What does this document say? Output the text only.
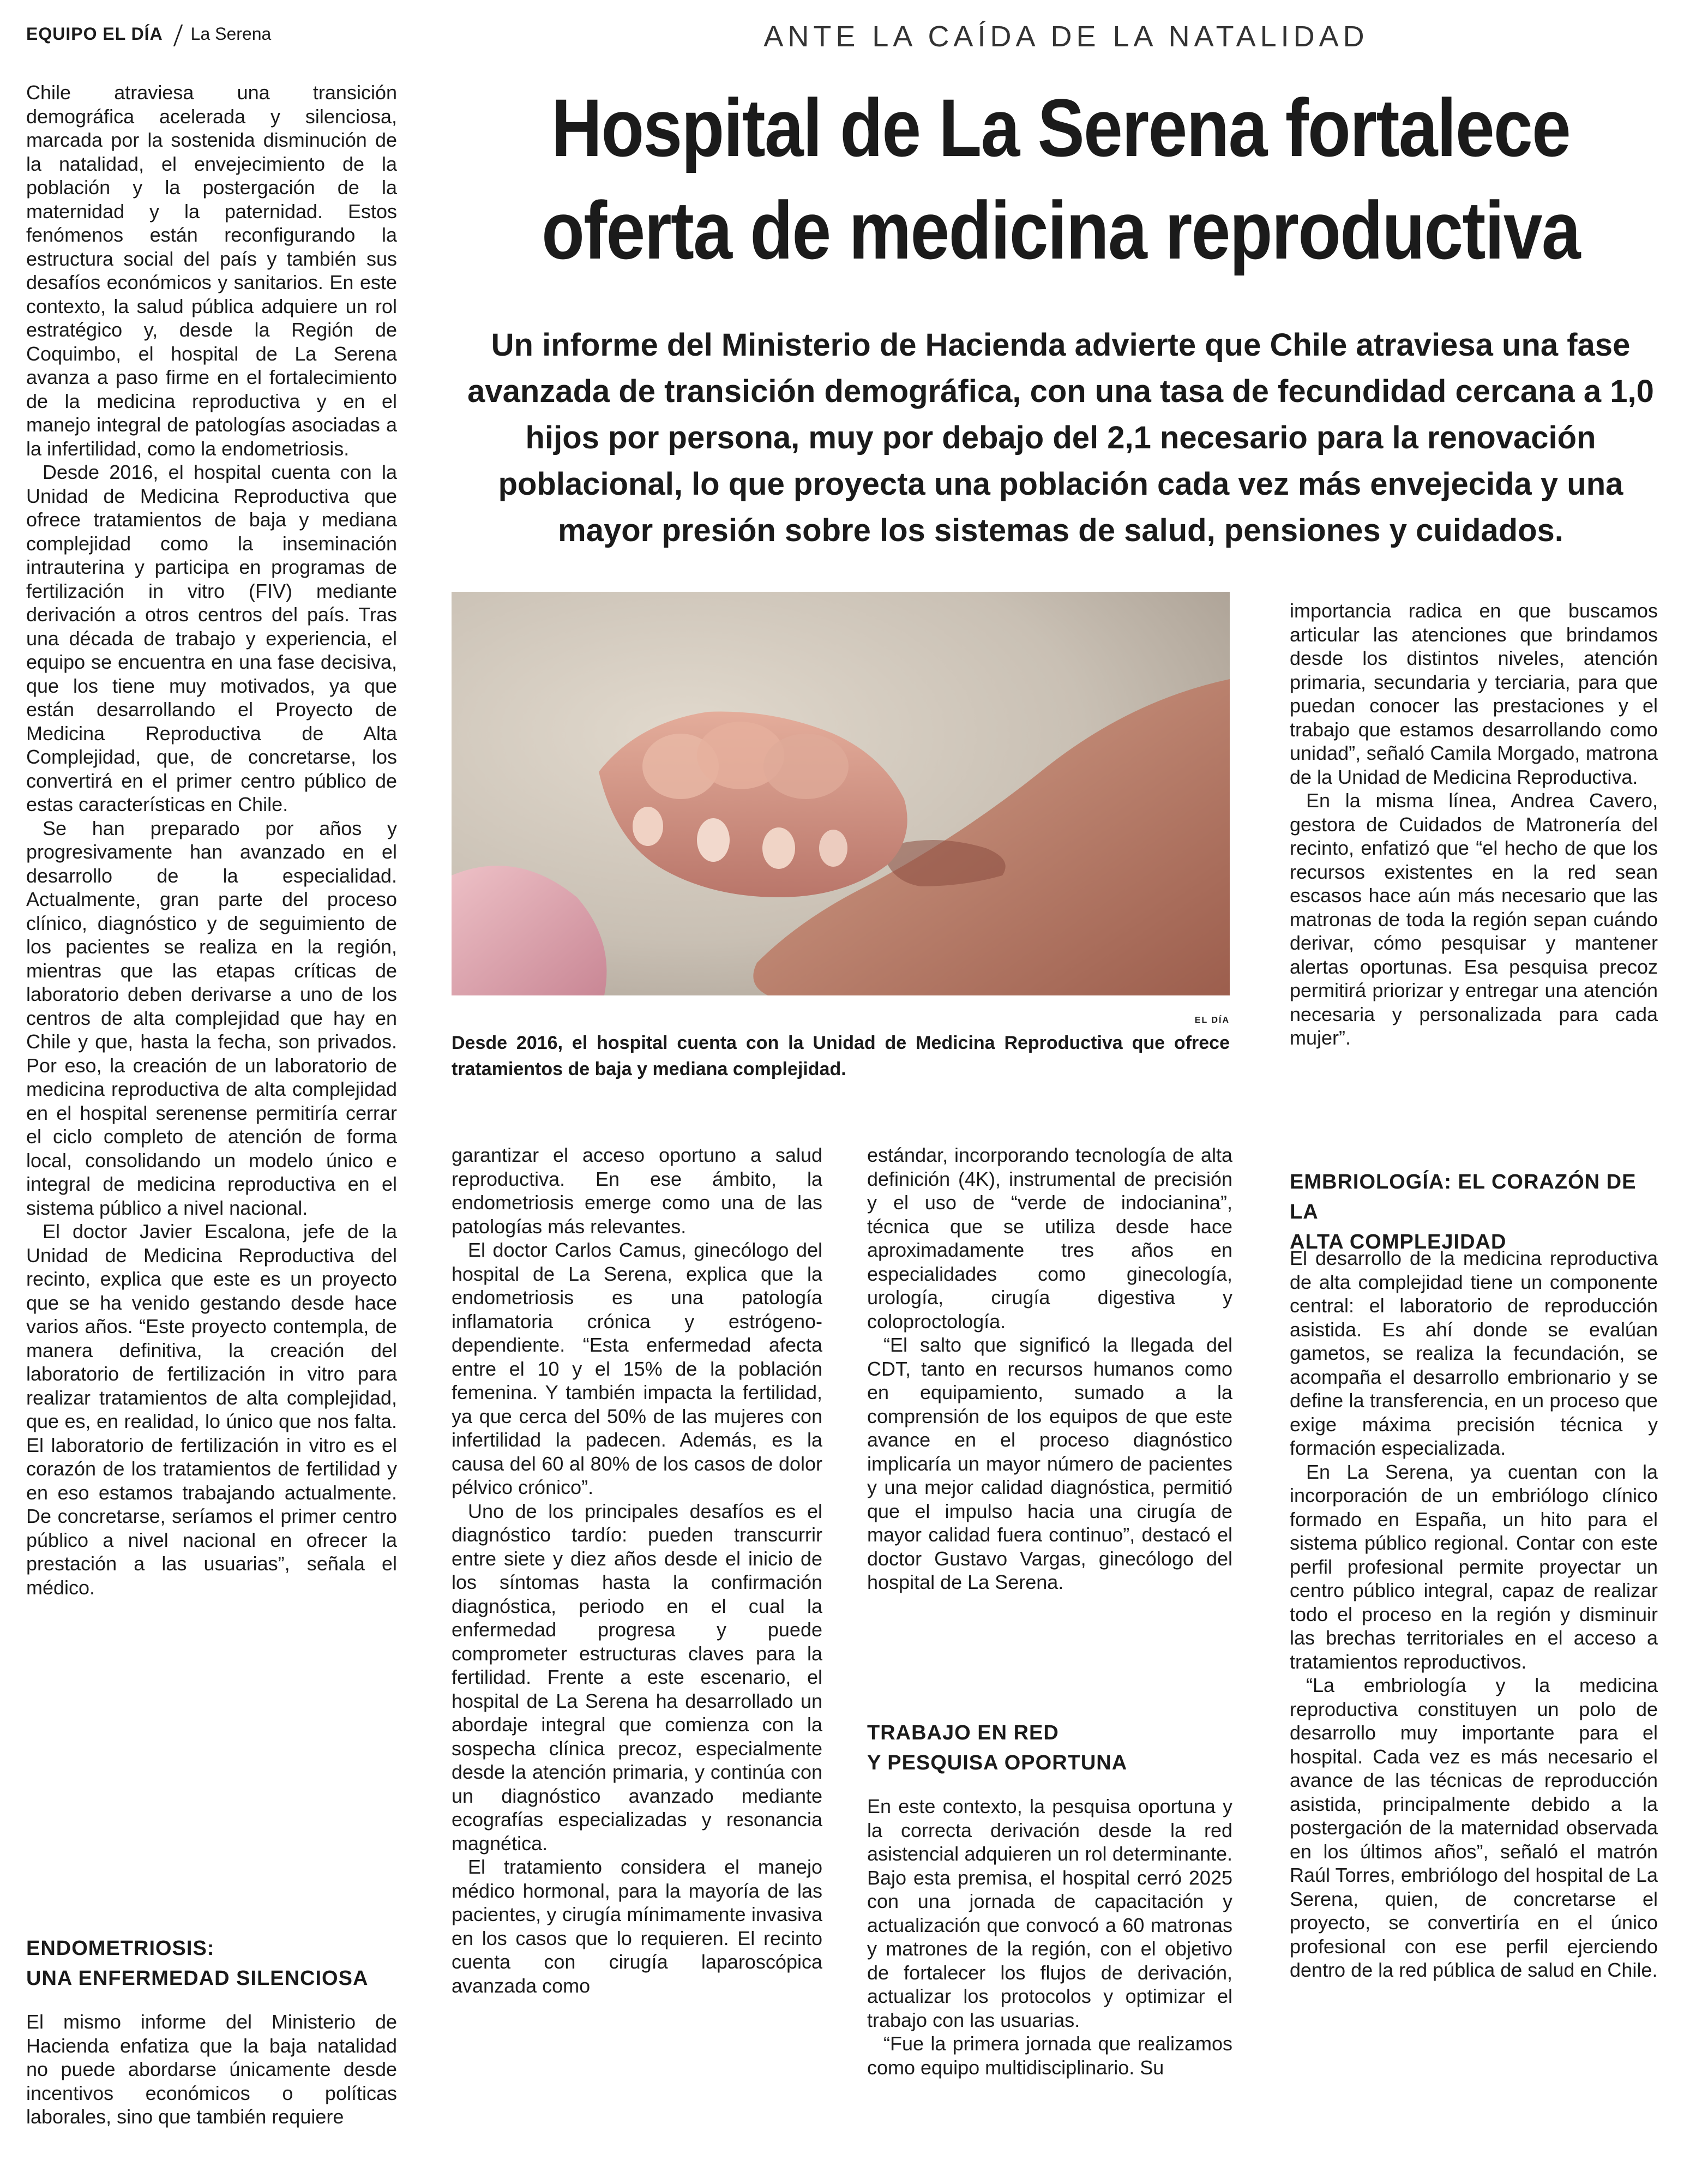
EQUIPO EL DÍA La Serena	ANTE LA CAÍDA DE LA NATALIDAD
Hospital de La Serena fortalece oferta de medicina reproductiva
Un informe del Ministerio de Hacienda advierte que Chile atraviesa una fase avanzada de transición demográfica, con una tasa de fecundidad cercana a 1,0 hijos por persona, muy por debajo del 2,1 necesario para la renovación poblacional, lo que proyecta una población cada vez más envejecida y una mayor presión sobre los sistemas de salud, pensiones y cuidados.
EL DÍA
Desde 2016, el hospital cuenta con la Unidad de Medicina Reproductiva que ofrece tratamientos de baja y mediana complejidad.

Chile atraviesa una transición demográfica acelerada y silenciosa, marcada por la sostenida disminución de la natalidad, el envejecimiento de la población y la postergación de la maternidad y la paternidad. Estos fenómenos están reconfigurando la estructura social del país y también sus desafíos económicos y sanitarios. En este contexto, la salud pública adquiere un rol estratégico y, desde la Región de Coquimbo, el hospital de La Serena avanza a paso firme en el fortalecimiento de la medicina reproductiva y en el manejo integral de patologías asociadas a la infertilidad, como la endometriosis.

Desde 2016, el hospital cuenta con la Unidad de Medicina Reproductiva que ofrece tratamientos de baja y mediana complejidad como la inseminación intrauterina y participa en programas de fertilización in vitro (FIV) mediante derivación a otros centros del país. Tras una década de trabajo y experiencia, el equipo se encuentra en una fase decisiva, que los tiene muy motivados, ya que están desarrollando el Proyecto de Medicina Reproductiva de Alta Complejidad, que, de concretarse, los convertirá en el primer centro público de estas características en Chile.

Se han preparado por años y progresivamente han avanzado en el desarrollo de la especialidad. Actualmente, gran parte del proceso clínico, diagnóstico y de seguimiento de los pacientes se realiza en la región, mientras que las etapas críticas de laboratorio deben derivarse a uno de los centros de alta complejidad que hay en Chile y que, hasta la fecha, son privados. Por eso, la creación de un laboratorio de medicina reproductiva de alta complejidad en el hospital serenense permitiría cerrar el ciclo completo de atención de forma local, consolidando un modelo único e integral de medicina reproductiva en el sistema público a nivel nacional.

El doctor Javier Escalona, jefe de la Unidad de Medicina Reproductiva del recinto, explica que este es un proyecto que se ha venido gestando desde hace varios años. “Este proyecto contempla, de manera definitiva, la creación del laboratorio de fertilización in vitro para realizar tratamientos de alta complejidad, que es, en realidad, lo único que nos falta. El laboratorio de fertilización in vitro es el corazón de los tratamientos de fertilidad y en eso estamos trabajando actualmente. De concretarse, seríamos el primer centro público a nivel nacional en ofrecer la prestación a las usuarias”, señala el médico.

ENDOMETRIOSIS:
UNA ENFERMEDAD SILENCIOSA

El mismo informe del Ministerio de Hacienda enfatiza que la baja natalidad no puede abordarse únicamente desde incentivos económicos o políticas laborales, sino que también requiere

garantizar el acceso oportuno a salud reproductiva. En ese ámbito, la endometriosis emerge como una de las patologías más relevantes.

El doctor Carlos Camus, ginecólogo del hospital de La Serena, explica que la endometriosis es una patología inflamatoria crónica y estrógeno-dependiente. “Esta enfermedad afecta entre el 10 y el 15% de la población femenina. Y también impacta la fertilidad, ya que cerca del 50% de las mujeres con infertilidad la padecen. Además, es la causa del 60 al 80% de los casos de dolor pélvico crónico”.

Uno de los principales desafíos es el diagnóstico tardío: pueden transcurrir entre siete y diez años desde el inicio de los síntomas hasta la confirmación diagnóstica, periodo en el cual la enfermedad progresa y puede comprometer estructuras claves para la fertilidad. Frente a este escenario, el hospital de La Serena ha desarrollado un abordaje integral que comienza con la sospecha clínica precoz, especialmente desde la atención primaria, y continúa con un diagnóstico avanzado mediante ecografías especializadas y resonancia magnética.

El tratamiento considera el manejo médico hormonal, para la mayoría de las pacientes, y cirugía mínimamente invasiva en los casos que lo requieren. El recinto cuenta con cirugía laparoscópica avanzada como

estándar, incorporando tecnología de alta definición (4K), instrumental de precisión y el uso de “verde de indocianina”, técnica que se utiliza desde hace aproximadamente tres años en especialidades como ginecología, urología, cirugía digestiva y coloproctología.

“El salto que significó la llegada del CDT, tanto en recursos humanos como en equipamiento, sumado a la comprensión de los equipos de que este avance en el proceso diagnóstico implicaría un mayor número de pacientes y una mejor calidad diagnóstica, permitió que el impulso hacia una cirugía de mayor calidad fuera continuo”, destacó el doctor Gustavo Vargas, ginecólogo del hospital de La Serena.

TRABAJO EN RED
Y PESQUISA OPORTUNA

En este contexto, la pesquisa oportuna y la correcta derivación desde la red asistencial adquieren un rol determinante. Bajo esta premisa, el hospital cerró 2025 con una jornada de capacitación y actualización que convocó a 60 matronas y matrones de la región, con el objetivo de fortalecer los flujos de derivación, actualizar los protocolos y optimizar el trabajo con las usuarias.

“Fue la primera jornada que realizamos como equipo multidisciplinario. Su

importancia radica en que buscamos articular las atenciones que brindamos desde los distintos niveles, atención primaria, secundaria y terciaria, para que puedan conocer las prestaciones y el trabajo que estamos desarrollando como unidad”, señaló Camila Morgado, matrona de la Unidad de Medicina Reproductiva.

En la misma línea, Andrea Cavero, gestora de Cuidados de Matronería del recinto, enfatizó que “el hecho de que los recursos existentes en la red sean escasos hace aún más necesario que las matronas de toda la región sepan cuándo derivar, cómo pesquisar y mantener alertas oportunas. Esa pesquisa precoz permitirá priorizar y entregar una atención necesaria y personalizada para cada mujer”.

EMBRIOLOGÍA: EL CORAZÓN DE LA
ALTA COMPLEJIDAD

El desarrollo de la medicina reproductiva de alta complejidad tiene un componente central: el laboratorio de reproducción asistida. Es ahí donde se evalúan gametos, se realiza la fecundación, se acompaña el desarrollo embrionario y se define la transferencia, en un proceso que exige máxima precisión técnica y formación especializada.

En La Serena, ya cuentan con la incorporación de un embriólogo clínico formado en España, un hito para el sistema público regional. Contar con este perfil profesional permite proyectar un centro público integral, capaz de realizar todo el proceso en la región y disminuir las brechas territoriales en el acceso a tratamientos reproductivos.

“La embriología y la medicina reproductiva constituyen un polo de desarrollo muy importante para el hospital. Cada vez es más necesario el avance de las técnicas de reproducción asistida, principalmente debido a la postergación de la maternidad observada en los últimos años”, señaló el matrón Raúl Torres, embriólogo del hospital de La Serena, quien, de concretarse el proyecto, se convertiría en el único profesional con ese perfil ejerciendo dentro de la red pública de salud en Chile.
